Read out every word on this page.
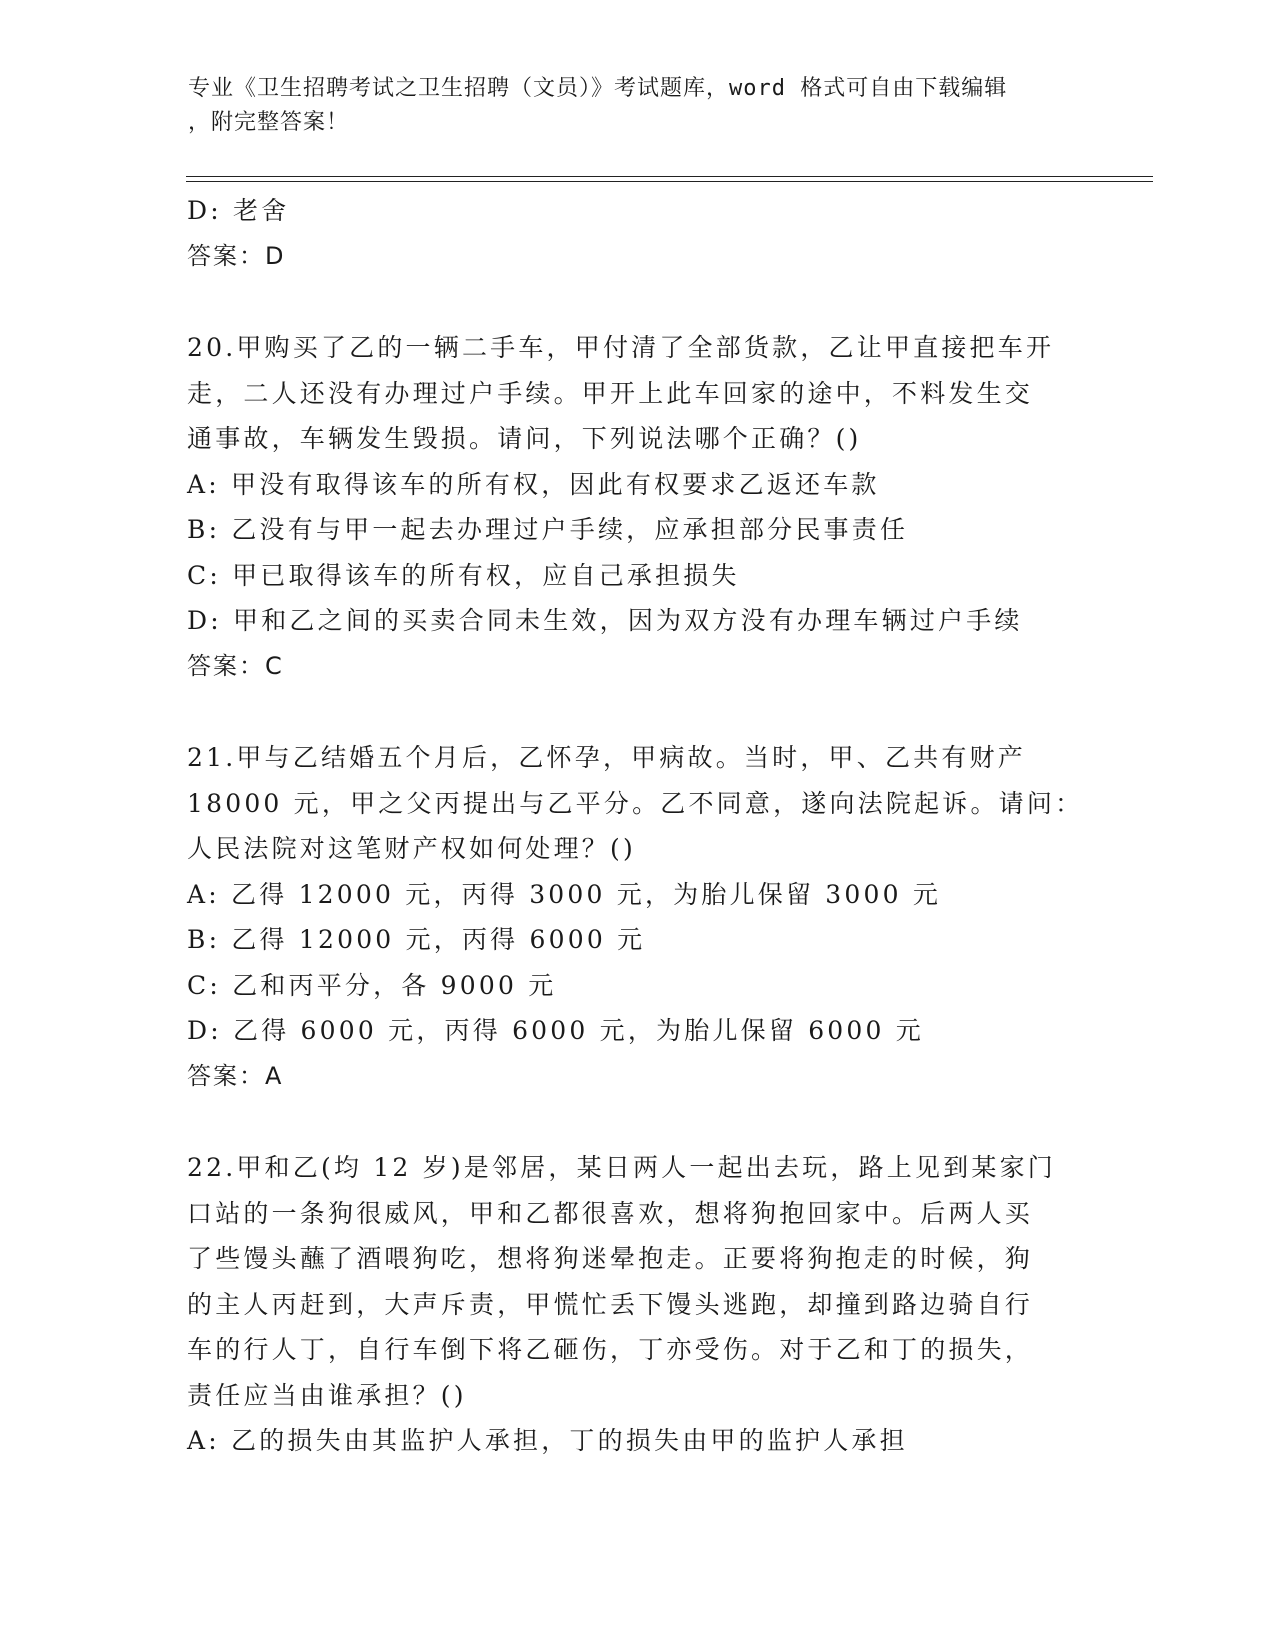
专业《卫生招聘考试之卫生招聘（文员）》考试题库，word 格式可自由下载编辑
，附完整答案！
D: 老舍
答案：D
20.甲购买了乙的一辆二手车，甲付清了全部货款，乙让甲直接把车开
走，二人还没有办理过户手续。甲开上此车回家的途中，不料发生交
通事故，车辆发生毁损。请问，下列说法哪个正确？()
A: 甲没有取得该车的所有权，因此有权要求乙返还车款
B: 乙没有与甲一起去办理过户手续，应承担部分民事责任
C: 甲已取得该车的所有权，应自己承担损失
D: 甲和乙之间的买卖合同未生效，因为双方没有办理车辆过户手续
答案：C
21.甲与乙结婚五个月后，乙怀孕，甲病故。当时，甲、乙共有财产
18000 元，甲之父丙提出与乙平分。乙不同意，遂向法院起诉。请问：
人民法院对这笔财产权如何处理？()
A: 乙得 12000 元，丙得 3000 元，为胎儿保留 3000 元
B: 乙得 12000 元，丙得 6000 元
C: 乙和丙平分，各 9000 元
D: 乙得 6000 元，丙得 6000 元，为胎儿保留 6000 元
答案：A
22.甲和乙(均 12 岁)是邻居，某日两人一起出去玩，路上见到某家门
口站的一条狗很威风，甲和乙都很喜欢，想将狗抱回家中。后两人买
了些馒头蘸了酒喂狗吃，想将狗迷晕抱走。正要将狗抱走的时候，狗
的主人丙赶到，大声斥责，甲慌忙丢下馒头逃跑，却撞到路边骑自行
车的行人丁，自行车倒下将乙砸伤，丁亦受伤。对于乙和丁的损失，
责任应当由谁承担？()
A: 乙的损失由其监护人承担，丁的损失由甲的监护人承担
